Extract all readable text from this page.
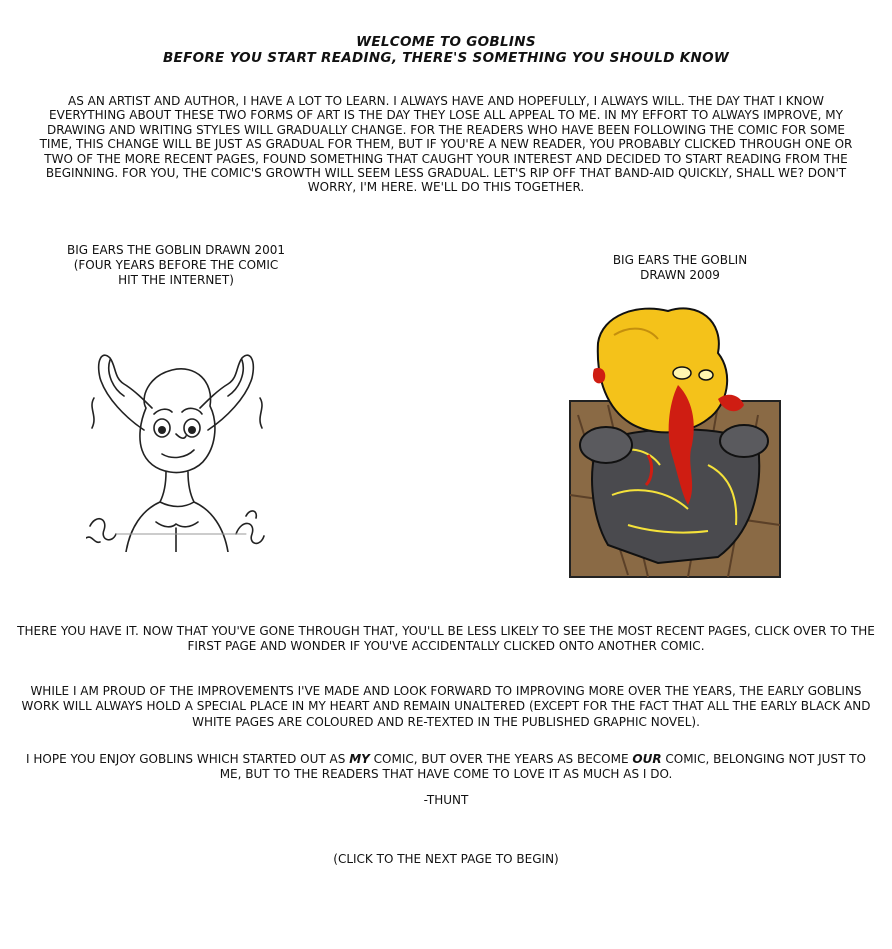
WELCOME TO GOBLINS
BEFORE YOU START READING, THERE'S SOMETHING YOU SHOULD KNOW
AS AN ARTIST AND AUTHOR, I HAVE A LOT TO LEARN. I ALWAYS HAVE AND HOPEFULLY, I ALWAYS WILL. THE DAY THAT I KNOW EVERYTHING ABOUT THESE TWO FORMS OF ART IS THE DAY THEY LOSE ALL APPEAL TO ME. IN MY EFFORT TO ALWAYS IMPROVE, MY DRAWING AND WRITING STYLES WILL GRADUALLY CHANGE. FOR THE READERS WHO HAVE BEEN FOLLOWING THE COMIC FOR SOME TIME, THIS CHANGE WILL BE JUST AS GRADUAL FOR THEM, BUT IF YOU'RE A NEW READER, YOU PROBABLY CLICKED THROUGH ONE OR TWO OF THE MORE RECENT PAGES, FOUND SOMETHING THAT CAUGHT YOUR INTEREST AND DECIDED TO START READING FROM THE BEGINNING. FOR YOU, THE COMIC'S GROWTH WILL SEEM LESS GRADUAL. LET'S RIP OFF THAT BAND-AID QUICKLY, SHALL WE? DON'T WORRY, I'M HERE. WE'LL DO THIS TOGETHER.
BIG EARS THE GOBLIN DRAWN 2001 (FOUR YEARS BEFORE THE COMIC HIT THE INTERNET)
BIG EARS THE GOBLIN
DRAWN 2009
THERE YOU HAVE IT. NOW THAT YOU'VE GONE THROUGH THAT, YOU'LL BE LESS LIKELY TO SEE THE MOST RECENT PAGES, CLICK OVER TO THE FIRST PAGE AND WONDER IF YOU'VE ACCIDENTALLY CLICKED ONTO ANOTHER COMIC.
WHILE I AM PROUD OF THE IMPROVEMENTS I'VE MADE AND LOOK FORWARD TO IMPROVING MORE OVER THE YEARS, THE EARLY GOBLINS WORK WILL ALWAYS HOLD A SPECIAL PLACE IN MY HEART AND REMAIN UNALTERED (EXCEPT FOR THE FACT THAT ALL THE EARLY BLACK AND WHITE PAGES ARE COLOURED AND RE-TEXTED IN THE PUBLISHED GRAPHIC NOVEL).
I HOPE YOU ENJOY GOBLINS WHICH STARTED OUT AS MY COMIC, BUT OVER THE YEARS AS BECOME OUR COMIC, BELONGING NOT JUST TO ME, BUT TO THE READERS THAT HAVE COME TO LOVE IT AS MUCH AS I DO.
-THUNT
(CLICK TO THE NEXT PAGE TO BEGIN)
